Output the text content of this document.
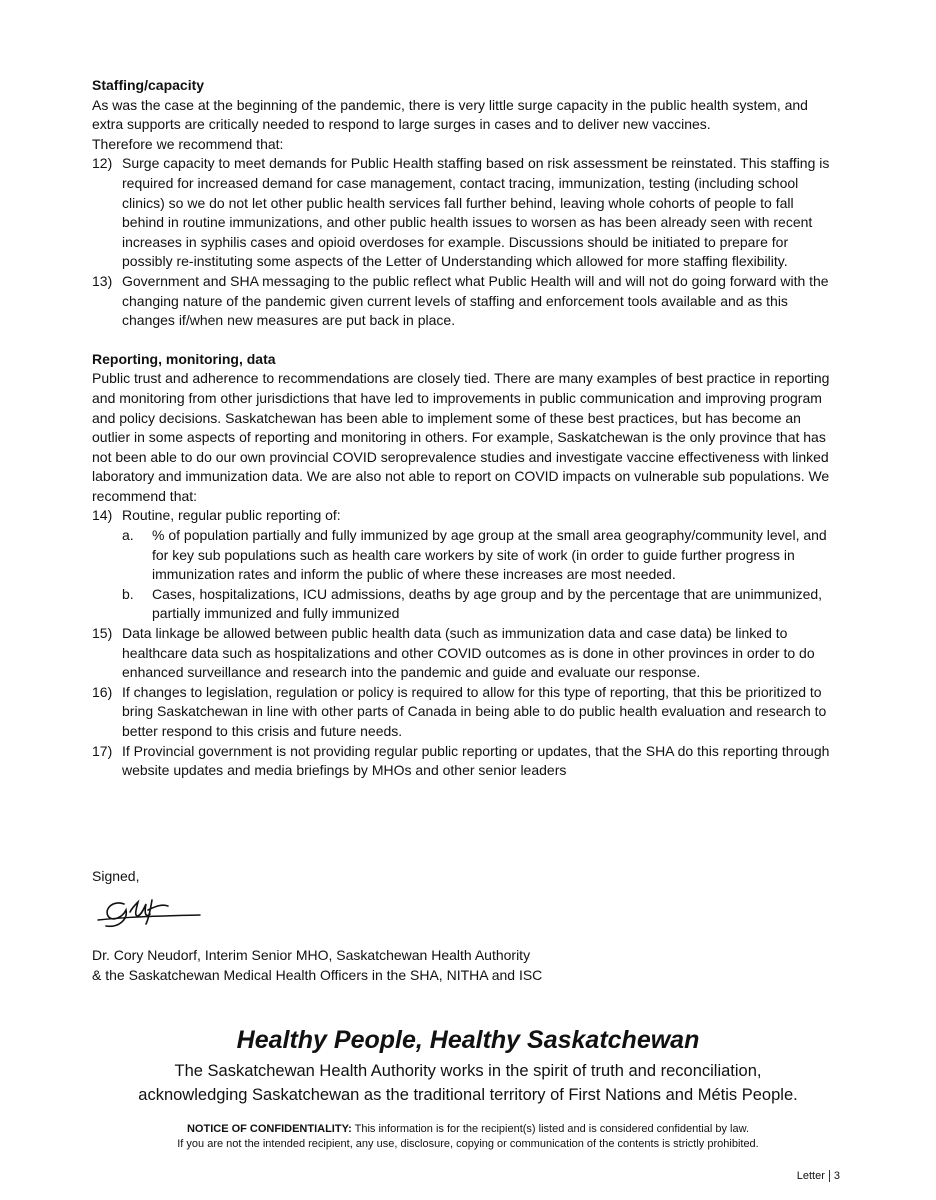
Staffing/capacity

As was the case at the beginning of the pandemic, there is very little surge capacity in the public health system, and extra supports are critically needed to respond to large surges in cases and to deliver new vaccines.

Therefore we recommend that:

12) Surge capacity to meet demands for Public Health staffing based on risk assessment be reinstated. This staffing is required for increased demand for case management, contact tracing, immunization, testing (including school clinics) so we do not let other public health services fall further behind, leaving whole cohorts of people to fall behind in routine immunizations, and other public health issues to worsen as has been already seen with recent increases in syphilis cases and opioid overdoses for example. Discussions should be initiated to prepare for possibly re-instituting some aspects of the Letter of Understanding which allowed for more staffing flexibility.
13) Government and SHA messaging to the public reflect what Public Health will and will not do going forward with the changing nature of the pandemic given current levels of staffing and enforcement tools available and as this changes if/when new measures are put back in place.

Reporting, monitoring, data

Public trust and adherence to recommendations are closely tied. There are many examples of best practice in reporting and monitoring from other jurisdictions that have led to improvements in public communication and improving program and policy decisions. Saskatchewan has been able to implement some of these best practices, but has become an outlier in some aspects of reporting and monitoring in others. For example, Saskatchewan is the only province that has not been able to do our own provincial COVID seroprevalence studies and investigate vaccine effectiveness with linked laboratory and immunization data. We are also not able to report on COVID impacts on vulnerable sub populations. We recommend that:

14) Routine, regular public reporting of:
a. % of population partially and fully immunized by age group at the small area geography/community level, and for key sub populations such as health care workers by site of work (in order to guide further progress in immunization rates and inform the public of where these increases are most needed.
b. Cases, hospitalizations, ICU admissions, deaths by age group and by the percentage that are unimmunized, partially immunized and fully immunized
15) Data linkage be allowed between public health data (such as immunization data and case data) be linked to healthcare data such as hospitalizations and other COVID outcomes as is done in other provinces in order to do enhanced surveillance and research into the pandemic and guide and evaluate our response.
16) If changes to legislation, regulation or policy is required to allow for this type of reporting, that this be prioritized to bring Saskatchewan in line with other parts of Canada in being able to do public health evaluation and research to better respond to this crisis and future needs.
17) If Provincial government is not providing regular public reporting or updates, that the SHA do this reporting through website updates and media briefings by MHOs and other senior leaders
Signed,
Dr. Cory Neudorf, Interim Senior MHO, Saskatchewan Health Authority
& the Saskatchewan Medical Health Officers in the SHA, NITHA and ISC
Healthy People, Healthy Saskatchewan
The Saskatchewan Health Authority works in the spirit of truth and reconciliation,
acknowledging Saskatchewan as the traditional territory of First Nations and Métis People.
NOTICE OF CONFIDENTIALITY: This information is for the recipient(s) listed and is considered confidential by law.
If you are not the intended recipient, any use, disclosure, copying or communication of the contents is strictly prohibited.
Letter 3
